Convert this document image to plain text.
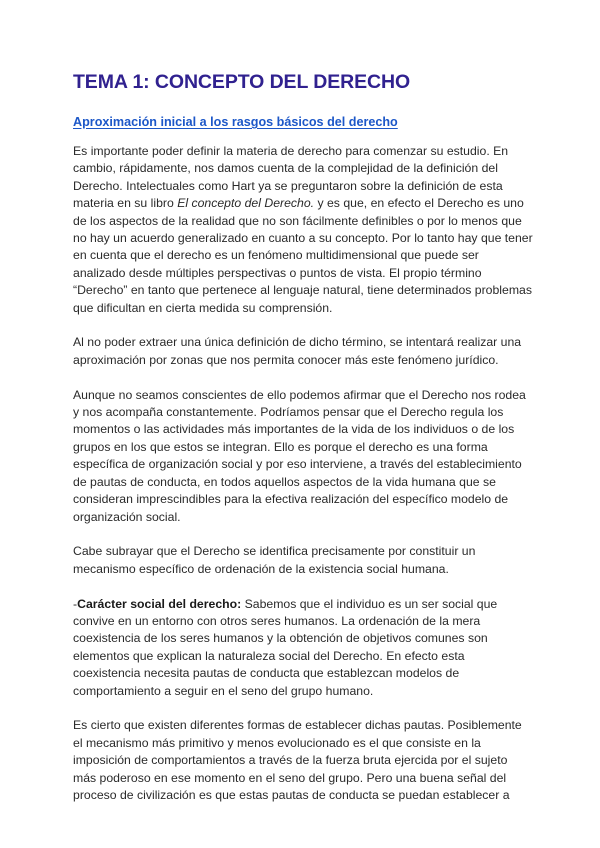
TEMA 1: CONCEPTO DEL DERECHO
Aproximación inicial a los rasgos básicos del derecho

Es importante poder definir la materia de derecho para comenzar su estudio. En
cambio, rápidamente, nos damos cuenta de la complejidad de la definición del
Derecho. Intelectuales como Hart ya se preguntaron sobre la definición de esta
materia en su libro El concepto del Derecho. y es que, en efecto el Derecho es uno
de los aspectos de la realidad que no son fácilmente definibles o por lo menos que
no hay un acuerdo generalizado en cuanto a su concepto. Por lo tanto hay que tener
en cuenta que el derecho es un fenómeno multidimensional que puede ser
analizado desde múltiples perspectivas o puntos de vista. El propio término
“Derecho” en tanto que pertenece al lenguaje natural, tiene determinados problemas
que dificultan en cierta medida su comprensión.

Al no poder extraer una única definición de dicho término, se intentará realizar una
aproximación por zonas que nos permita conocer más este fenómeno jurídico.

Aunque no seamos conscientes de ello podemos afirmar que el Derecho nos rodea
y nos acompaña constantemente. Podríamos pensar que el Derecho regula los
momentos o las actividades más importantes de la vida de los individuos o de los
grupos en los que estos se integran. Ello es porque el derecho es una forma
específica de organización social y por eso interviene, a través del establecimiento
de pautas de conducta, en todos aquellos aspectos de la vida humana que se
consideran imprescindibles para la efectiva realización del específico modelo de
organización social.

Cabe subrayar que el Derecho se identifica precisamente por constituir un
mecanismo específico de ordenación de la existencia social humana.

-Carácter social del derecho: Sabemos que el individuo es un ser social que
convive en un entorno con otros seres humanos. La ordenación de la mera
coexistencia de los seres humanos y la obtención de objetivos comunes son
elementos que explican la naturaleza social del Derecho. En efecto esta
coexistencia necesita pautas de conducta que establezcan modelos de
comportamiento a seguir en el seno del grupo humano.

Es cierto que existen diferentes formas de establecer dichas pautas. Posiblemente
el mecanismo más primitivo y menos evolucionado es el que consiste en la
imposición de comportamientos a través de la fuerza bruta ejercida por el sujeto
más poderoso en ese momento en el seno del grupo. Pero una buena señal del
proceso de civilización es que estas pautas de conducta se puedan establecer a
